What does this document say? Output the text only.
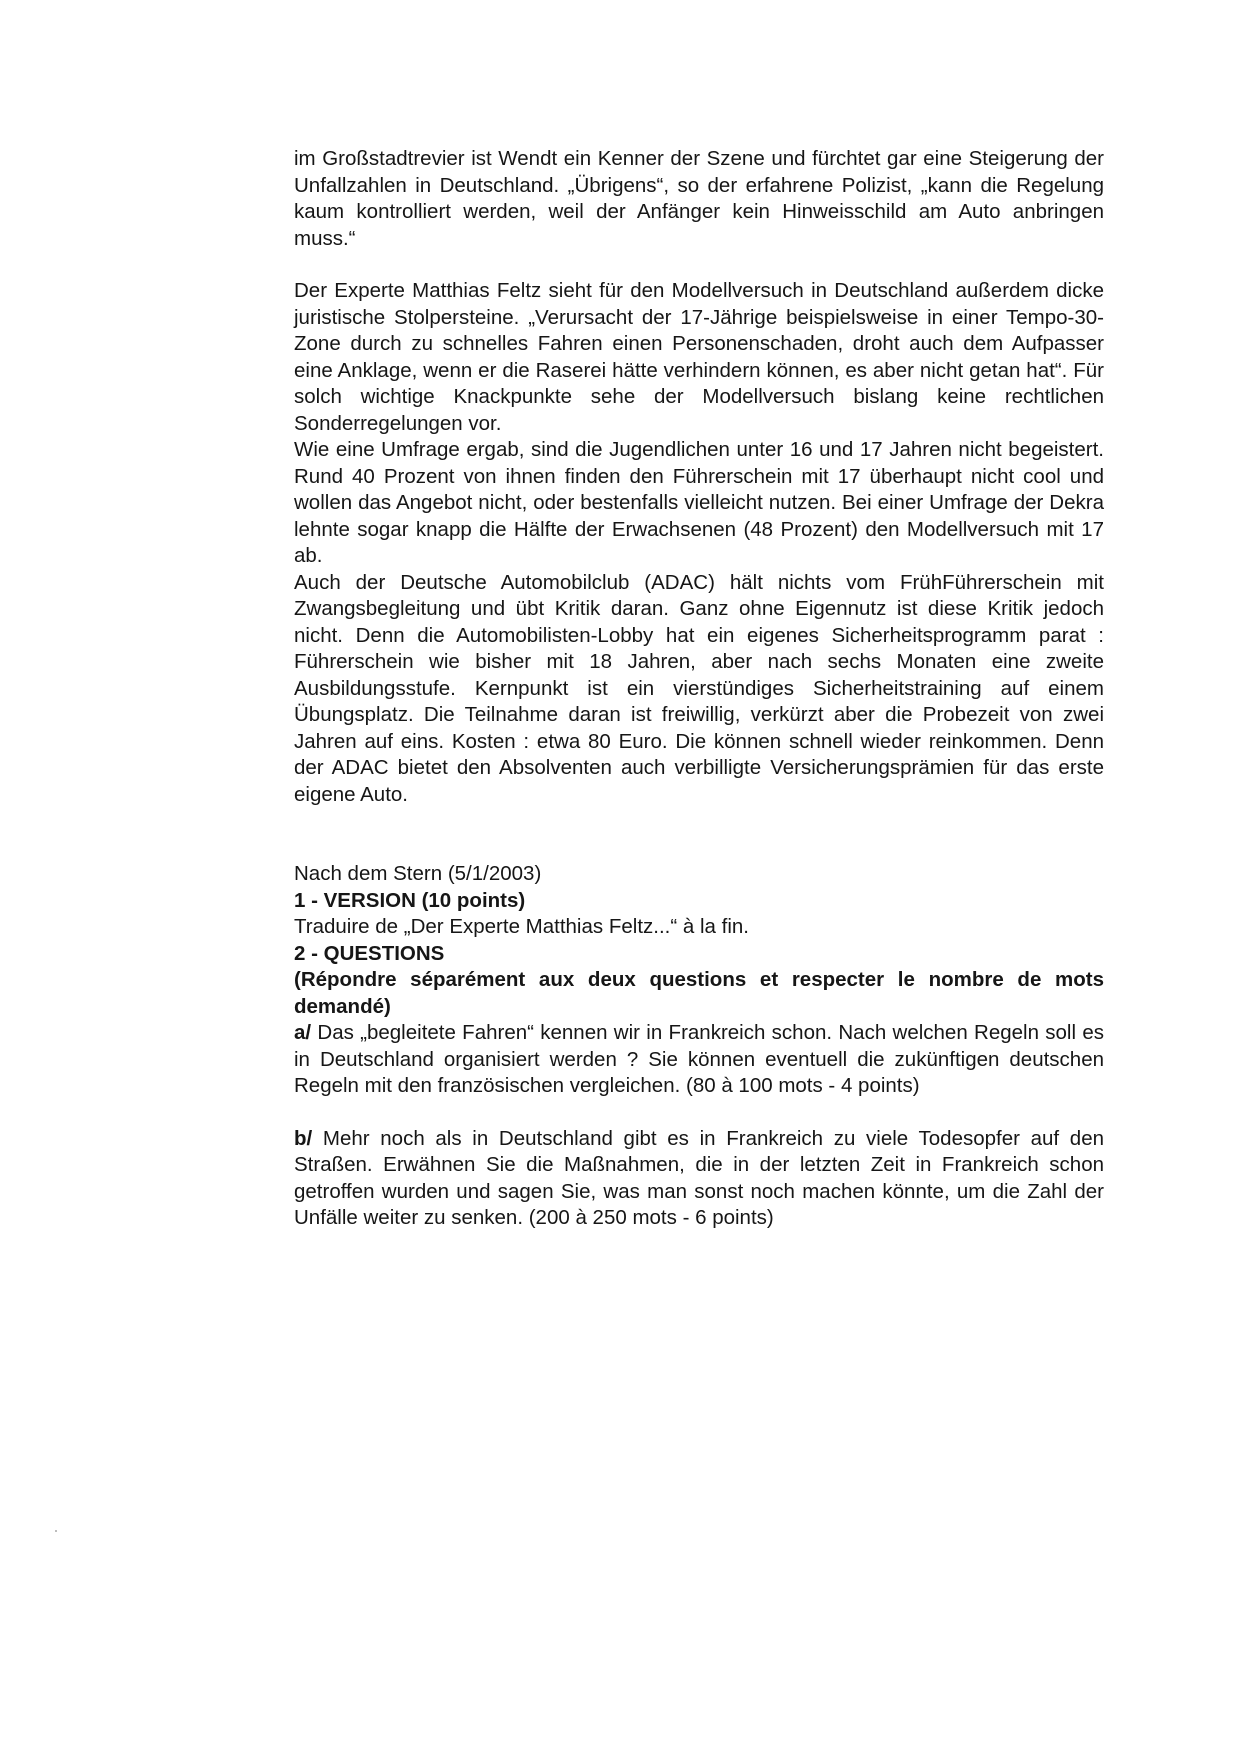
im Großstadtrevier ist Wendt ein Kenner der Szene und fürchtet gar eine Steigerung der Unfallzahlen in Deutschland. „Übrigens“, so der erfahrene Polizist, „kann die Regelung kaum kontrolliert werden, weil der Anfänger kein Hinweisschild am Auto anbringen muss.“

Der Experte Matthias Feltz sieht für den Modellversuch in Deutschland außerdem dicke juristische Stolpersteine. „Verursacht der 17-Jährige beispielsweise in einer Tempo-30-Zone durch zu schnelles Fahren einen Personenschaden, droht auch dem Aufpasser eine Anklage, wenn er die Raserei hätte verhindern können, es aber nicht getan hat“. Für solch wichtige Knackpunkte sehe der Modellversuch bislang keine rechtlichen Sonderregelungen vor.

Wie eine Umfrage ergab, sind die Jugendlichen unter 16 und 17 Jahren nicht begeistert. Rund 40 Prozent von ihnen finden den Führerschein mit 17 überhaupt nicht cool und wollen das Angebot nicht, oder bestenfalls vielleicht nutzen. Bei einer Umfrage der Dekra lehnte sogar knapp die Hälfte der Erwachsenen (48 Prozent) den Modellversuch mit 17 ab.

Auch der Deutsche Automobilclub (ADAC) hält nichts vom FrühFührerschein mit Zwangsbegleitung und übt Kritik daran. Ganz ohne Eigennutz ist diese Kritik jedoch nicht. Denn die Automobilisten-Lobby hat ein eigenes Sicherheitsprogramm parat : Führerschein wie bisher mit 18 Jahren, aber nach sechs Monaten eine zweite Ausbildungsstufe. Kernpunkt ist ein vierstündiges Sicherheitstraining auf einem Übungsplatz. Die Teilnahme daran ist freiwillig, verkürzt aber die Probezeit von zwei Jahren auf eins. Kosten : etwa 80 Euro. Die können schnell wieder reinkommen. Denn der ADAC bietet den Absolventen auch verbilligte Versicherungsprämien für das erste eigene Auto.

Nach dem Stern (5/1/2003)

1 - VERSION (10 points)

Traduire de „Der Experte Matthias Feltz...“ à la fin.

2 - QUESTIONS

(Répondre séparément aux deux questions et respecter le nombre de mots demandé)

a/ Das „begleitete Fahren“ kennen wir in Frankreich schon. Nach welchen Regeln soll es in Deutschland organisiert werden ? Sie können eventuell die zukünftigen deutschen Regeln mit den französischen vergleichen. (80 à 100 mots - 4 points)

b/ Mehr noch als in Deutschland gibt es in Frankreich zu viele Todesopfer auf den Straßen. Erwähnen Sie die Maßnahmen, die in der letzten Zeit in Frankreich schon getroffen wurden und sagen Sie, was man sonst noch machen könnte, um die Zahl der Unfälle weiter zu senken. (200 à 250 mots - 6 points)
